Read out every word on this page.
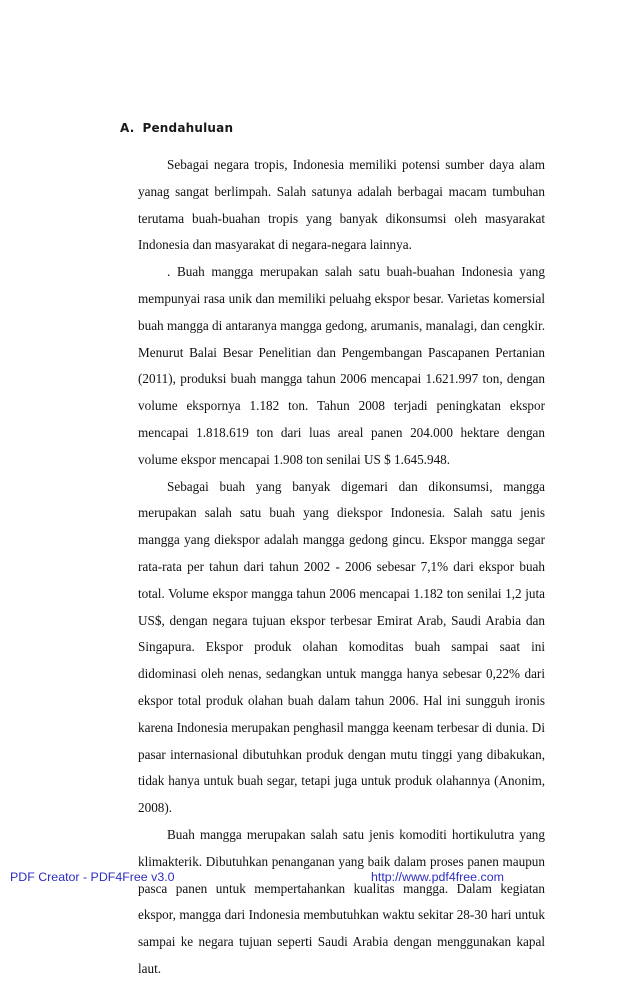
A. Pendahuluan

Sebagai negara tropis, Indonesia memiliki potensi sumber daya alam yanag sangat berlimpah. Salah satunya adalah berbagai macam tumbuhan terutama buah-buahan tropis yang banyak dikonsumsi oleh masyarakat Indonesia dan masyarakat di negara-negara lainnya.

. Buah mangga merupakan salah satu buah-buahan Indonesia yang mempunyai rasa unik dan memiliki peluahg ekspor besar. Varietas komersial buah mangga di antaranya mangga gedong, arumanis, manalagi, dan cengkir. Menurut Balai Besar Penelitian dan Pengembangan Pascapanen Pertanian (2011), produksi buah mangga tahun 2006 mencapai 1.621.997 ton, dengan volume ekspornya 1.182 ton. Tahun 2008 terjadi peningkatan ekspor mencapai 1.818.619 ton dari luas areal panen 204.000 hektare dengan volume ekspor mencapai 1.908 ton senilai US $ 1.645.948.

Sebagai buah yang banyak digemari dan dikonsumsi, mangga merupakan salah satu buah yang diekspor Indonesia. Salah satu jenis mangga yang diekspor adalah mangga gedong gincu. Ekspor mangga segar rata-rata per tahun dari tahun 2002 - 2006 sebesar 7,1% dari ekspor buah total. Volume ekspor mangga tahun 2006 mencapai 1.182 ton senilai 1,2 juta US$, dengan negara tujuan ekspor terbesar Emirat Arab, Saudi Arabia dan Singapura. Ekspor produk olahan komoditas buah sampai saat ini didominasi oleh nenas, sedangkan untuk mangga hanya sebesar 0,22% dari ekspor total produk olahan buah dalam tahun 2006. Hal ini sungguh ironis karena Indonesia merupakan penghasil mangga keenam terbesar di dunia. Di pasar internasional dibutuhkan produk dengan mutu tinggi yang dibakukan, tidak hanya untuk buah segar, tetapi juga untuk produk olahannya (Anonim, 2008).

Buah mangga merupakan salah satu jenis komoditi hortikulutra yang klimakterik. Dibutuhkan penanganan yang baik dalam proses panen maupun pasca panen untuk mempertahankan kualitas mangga. Dalam kegiatan ekspor, mangga dari Indonesia membutuhkan waktu sekitar 28-30 hari untuk sampai ke negara tujuan seperti Saudi Arabia dengan menggunakan kapal laut.

PDF Creator - PDF4Free v3.0	http://www.pdf4free.com
